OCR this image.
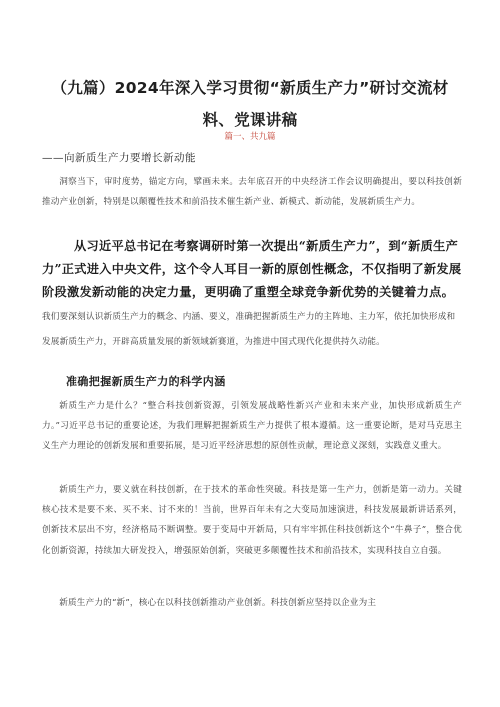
（九篇）2024年深入学习贯彻“新质生产力”研讨交流材
料、党课讲稿

篇一、共九篇

——向新质生产力要增长新动能

洞察当下，审时度势，锚定方向，擘画未来。去年底召开的中央经济工作会议明确提出，要以科技创新推动产业创新，特别是以颠覆性技术和前沿技术催生新产业、新模式、新动能，发展新质生产力。

从习近平总书记在考察调研时第一次提出“新质生产力”，到“新质生产力”正式进入中央文件，这个令人耳目一新的原创性概念，不仅指明了新发展阶段激发新动能的决定力量，更明确了重塑全球竞争新优势的关键着力点。我们要深刻认识新质生产力的概念、内涵、要义，准确把握新质生产力的主阵地、主力军，依托加快形成和发展新质生产力，开辟高质量发展的新领域新赛道，为推进中国式现代化提供持久动能。

准确把握新质生产力的科学内涵

新质生产力是什么？“整合科技创新资源，引领发展战略性新兴产业和未来产业，加快形成新质生产力。”习近平总书记的重要论述，为我们理解把握新质生产力提供了根本遵循。这一重要论断，是对马克思主义生产力理论的创新发展和重要拓展，是习近平经济思想的原创性贡献，理论意义深刻，实践意义重大。

新质生产力，要义就在科技创新，在于技术的革命性突破。科技是第一生产力，创新是第一动力。关键核心技术是要不来、买不来、讨不来的！当前，世界百年未有之大变局加速演进，科技发展最新讲话系列，创新技术层出不穷，经济格局不断调整。要于变局中开新局，只有牢牢抓住科技创新这个“牛鼻子”，整合优化创新资源，持续加大研发投入，增强原始创新，突破更多颠覆性技术和前沿技术，实现科技自立自强。

新质生产力的“新”，核心在以科技创新推动产业创新。科技创新应坚持以企业为主
